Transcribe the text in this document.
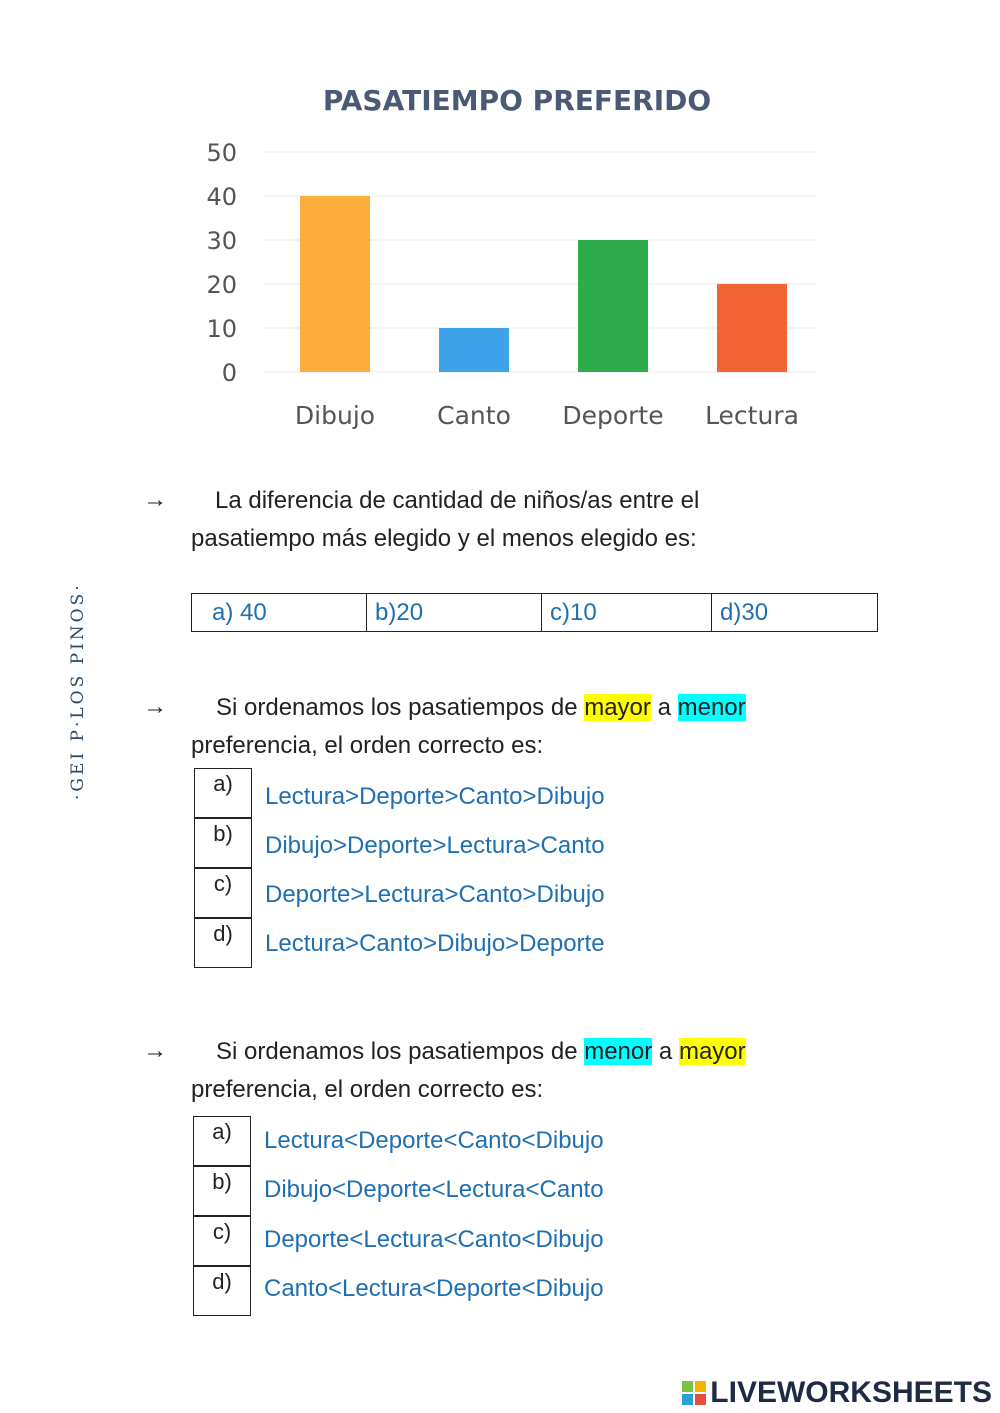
PASATIEMPO PREFERIDO
0
10
20
30
40
50
Dibujo Canto Deporte Lectura
→ La diferencia de cantidad de niños/as entre el
pasatiempo más elegido y el menos elegido es:
a) 40	b)20	c)10	d)30
→ Si ordenamos los pasatiempos de mayor a menor
preferencia, el orden correcto es:
a)	Lectura>Deporte>Canto>Dibujo
b)	Dibujo>Deporte>Lectura>Canto
c)	Deporte>Lectura>Canto>Dibujo
d)	Lectura>Canto>Dibujo>Deporte
→ Si ordenamos los pasatiempos de menor a mayor
preferencia, el orden correcto es:
a)	Lectura<Deporte<Canto<Dibujo
b)	Dibujo<Deporte<Lectura<Canto
c)	Deporte<Lectura<Canto<Dibujo
d)	Canto<Lectura<Deporte<Dibujo
·GEI P·LOS PINOS·
LIVEWORKSHEETS
